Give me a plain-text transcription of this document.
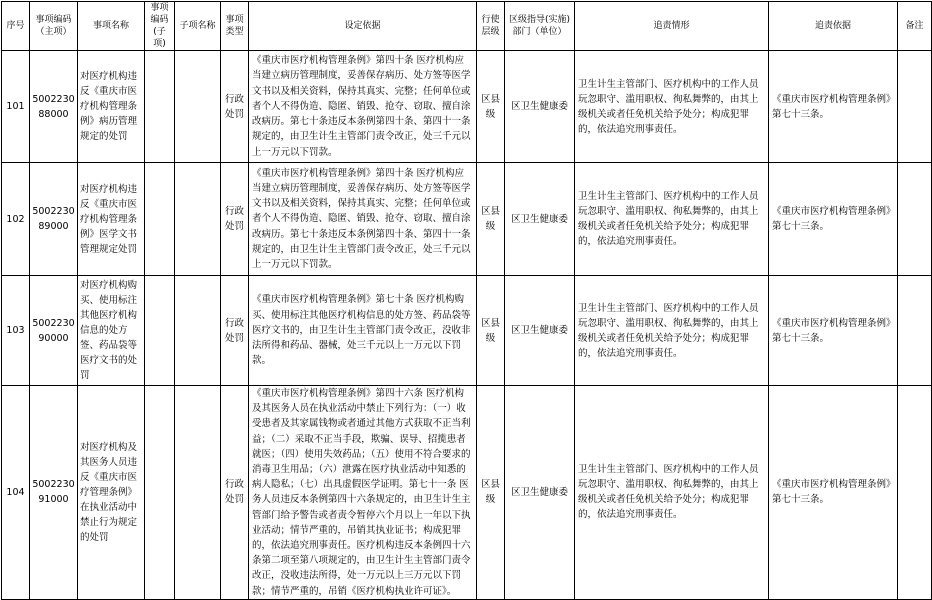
序号	事项编码（主项）	事项名称	事项编码(子项)	子项名称	事项类型	设定依据	行使层级	区级指导(实施)部门（单位）	追责情形	追责依据	备注
101	500223088000	对医疗机构违反《重庆市医疗机构管理条例》病历管理规定的处罚			行政处罚	《重庆市医疗机构管理条例》第四十条 医疗机构应当建立病历管理制度，妥善保存病历、处方签等医学文书以及相关资料，保持其真实、完整；任何单位或者个人不得伪造、隐匿、销毁、抢夺、窃取、擅自涂改病历。第七十条违反本条例第四十条、第四十一条规定的，由卫生计生主管部门责令改正，处三千元以上一万元以下罚款。	区县级	区卫生健康委	卫生计生主管部门、医疗机构中的工作人员玩忽职守、滥用职权、徇私舞弊的，由其上级机关或者任免机关给予处分；构成犯罪的，依法追究刑事责任。	《重庆市医疗机构管理条例》第七十三条。	
102	500223089000	对医疗机构违反《重庆市医疗机构管理条例》医学文书管理规定处罚			行政处罚	《重庆市医疗机构管理条例》第四十条 医疗机构应当建立病历管理制度，妥善保存病历、处方签等医学文书以及相关资料，保持其真实、完整；任何单位或者个人不得伪造、隐匿、销毁、抢夺、窃取、擅自涂改病历。第七十条违反本条例第四十条、第四十一条规定的，由卫生计生主管部门责令改正，处三千元以上一万元以下罚款。	区县级	区卫生健康委	卫生计生主管部门、医疗机构中的工作人员玩忽职守、滥用职权、徇私舞弊的，由其上级机关或者任免机关给予处分；构成犯罪的，依法追究刑事责任。	《重庆市医疗机构管理条例》第七十三条。	
103	500223090000	对医疗机构购买、使用标注其他医疗机构信息的处方签、药品袋等医疗文书的处罚			行政处罚	《重庆市医疗机构管理条例》第七十条 医疗机构购买、使用标注其他医疗机构信息的处方签、药品袋等医疗文书的，由卫生计生主管部门责令改正，没收非法所得和药品、器械，处三千元以上一万元以下罚款。	区县级	区卫生健康委	卫生计生主管部门、医疗机构中的工作人员玩忽职守、滥用职权、徇私舞弊的，由其上级机关或者任免机关给予处分；构成犯罪的，依法追究刑事责任。	《重庆市医疗机构管理条例》第七十三条。	
104	500223091000	对医疗机构及其医务人员违反《重庆市医疗管理条例》在执业活动中禁止行为规定的处罚			行政处罚	《重庆市医疗机构管理条例》第四十六条 医疗机构及其医务人员在执业活动中禁止下列行为：（一）收受患者及其家属钱物或者通过其他方式获取不正当利益；（二）采取不正当手段，欺骗、误导、招揽患者就医；（四）使用失效药品；（五）使用不符合要求的消毒卫生用品；（六）泄露在医疗执业活动中知悉的病人隐私；（七）出具虚假医学证明。第七十一条 医务人员违反本条例第四十六条规定的，由卫生计生主管部门给予警告或者责令暂停六个月以上一年以下执业活动；情节严重的，吊销其执业证书；构成犯罪的，依法追究刑事责任。医疗机构违反本条例四十六条第二项至第八项规定的，由卫生计生主管部门责令改正，没收违法所得，处一万元以上三万元以下罚款；情节严重的，吊销《医疗机构执业许可证》。	区县级	区卫生健康委	卫生计生主管部门、医疗机构中的工作人员玩忽职守、滥用职权、徇私舞弊的，由其上级机关或者任免机关给予处分；构成犯罪的，依法追究刑事责任。	《重庆市医疗机构管理条例》第七十三条。	
